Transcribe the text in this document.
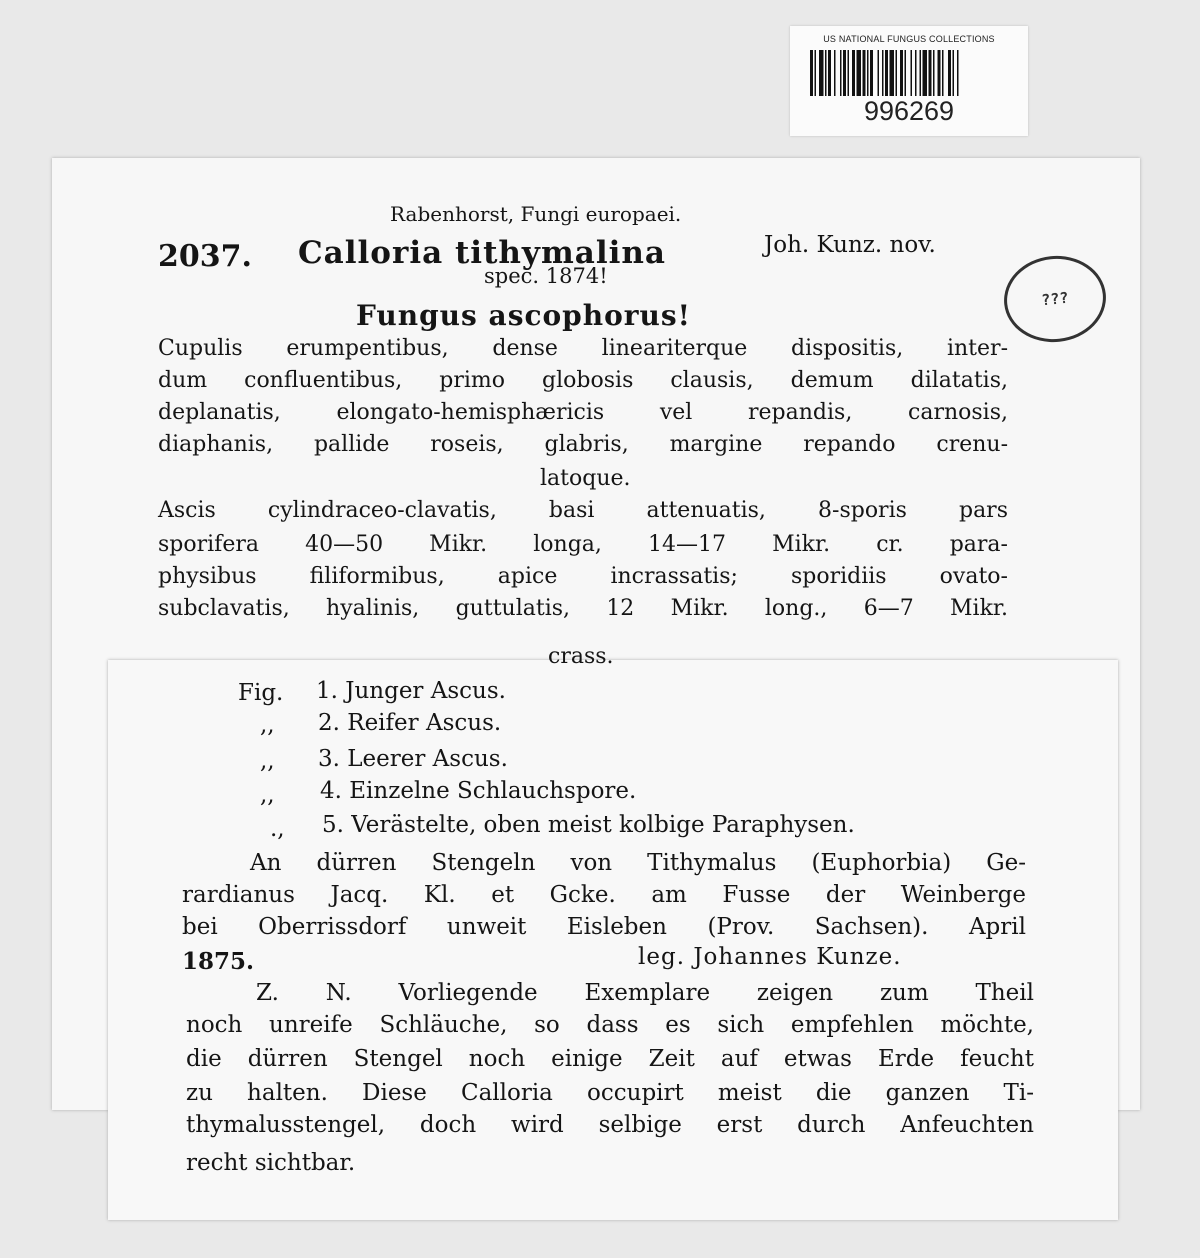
US NATIONAL FUNGUS COLLECTIONS
996269
???
Rabenhorst, Fungi europaei.
2037. Calloria tithymalina	Joh. Kunz. nov.
spec. 1874!
Fungus ascophorus!
Cupulis erumpentibus, dense lineariterque dispositis, inter-
dum confluentibus, primo globosis clausis, demum dilatatis,
deplanatis, elongato-hemisphæricis vel repandis, carnosis,
diaphanis, pallide roseis, glabris, margine repando crenu-
latoque.
Ascis cylindraceo-clavatis, basi attenuatis, 8-sporis pars
sporifera 40—50 Mikr. longa, 14—17 Mikr. cr. para-
physibus filiformibus, apice incrassatis; sporidiis ovato-
subclavatis, hyalinis, guttulatis, 12 Mikr. long., 6—7 Mikr.
crass.
Fig. 1. Junger Ascus.
,, 2. Reifer Ascus.
,, 3. Leerer Ascus.
,, 4. Einzelne Schlauchspore.
., 5. Verästelte, oben meist kolbige Paraphysen.
An dürren Stengeln von Tithymalus (Euphorbia) Ge-
rardianus Jacq. Kl. et Gcke. am Fusse der Weinberge
bei Oberrissdorf unweit Eisleben (Prov. Sachsen). April
1875.	leg. Johannes Kunze.
Z. N. Vorliegende Exemplare zeigen zum Theil
noch unreife Schläuche, so dass es sich empfehlen möchte,
die dürren Stengel noch einige Zeit auf etwas Erde feucht
zu halten. Diese Calloria occupirt meist die ganzen Ti-
thymalusstengel, doch wird selbige erst durch Anfeuchten
recht sichtbar.
